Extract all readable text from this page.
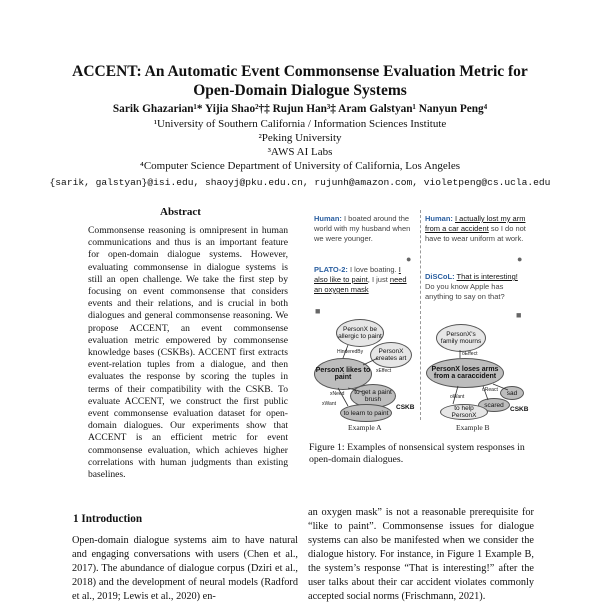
ACCENT: An Automatic Event Commonsense Evaluation Metric for
Open-Domain Dialogue Systems
Sarik Ghazarian¹* Yijia Shao²†‡ Rujun Han³‡ Aram Galstyan¹ Nanyun Peng⁴
¹University of Southern California / Information Sciences Institute
²Peking University
³AWS AI Labs
⁴Computer Science Department of University of California, Los Angeles
{sarik, galstyan}@isi.edu, shaoyj@pku.edu.cn, rujunh@amazon.com, violetpeng@cs.ucla.edu
Abstract
Commonsense reasoning is omnipresent in human communications and thus is an important feature for open-domain dialogue systems. However, evaluating commonsense in dialogue systems is still an open challenge. We take the first step by focusing on event commonsense that considers events and their relations, and is crucial in both dialogues and general commonsense reasoning. We propose ACCENT, an event commonsense evaluation metric empowered by commonsense knowledge bases (CSKBs). ACCENT first extracts event-relation tuples from a dialogue, and then evaluates the response by scoring the tuples in terms of their compatibility with the CSKB. To evaluate ACCENT, we construct the first public event commonsense evaluation dataset for open-domain dialogues. Our experiments show that ACCENT is an efficient metric for event commonsense evaluation, which achieves higher correlations with human judgments than existing baselines.
1 Introduction
Open-domain dialogue systems aim to have natural and engaging conversations with users (Chen et al., 2017). The abundance of dialogue corpus (Dziri et al., 2018) and the development of neural models (Radford et al., 2019; Lewis et al., 2020) en-
an oxygen mask” is not a reasonable prerequisite for “like to paint”. Commonsense issues for dialogue systems can also be manifested when we consider the dialogue history. For instance, in Figure 1 Example B, the system’s response “That is interesting!” after the user talks about their car accident violates commonly accepted social norms (Frischmann, 2021).
Human: I boated around the world with my husband when we were younger.
●
PLATO-2: I love boating. I also like to paint, I just need an oxygen mask
■
PersonX be allergic to paint
PersonX creates art
PersonX likes to paint
to get a paint brush
to learn to paint
HinderedBy
xEffect
xNeed
xWant	CSKB
Example A
Human: I actually lost my arm from a car accident so I do not have to wear uniform at work.
●
DiSCoL: That is interesting! Do you know Apple has anything to say on that?
■
PersonX's family mourns
PersonX loses arms from a caraccident
sad
scared
to help PersonX
oEffect
oReact
oWant
CSKB
Example B
Figure 1: Examples of nonsensical system responses in open-domain dialogues.
